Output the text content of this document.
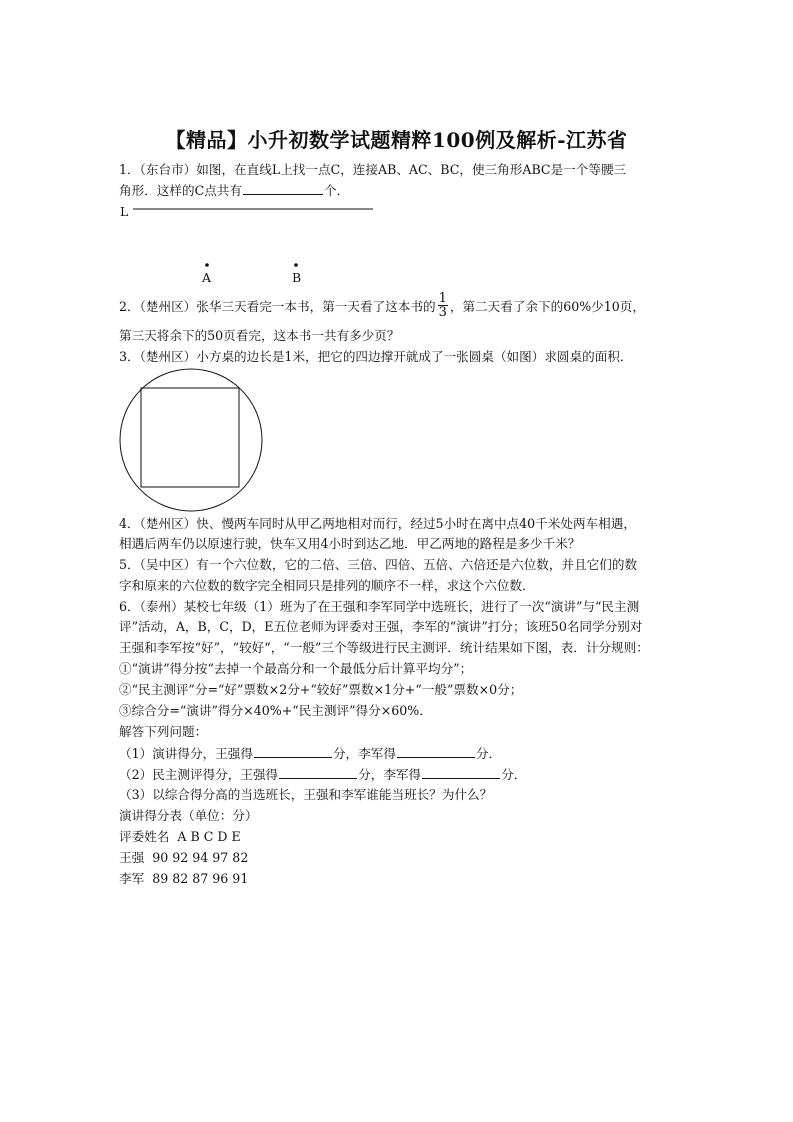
【精品】小升初数学试题精粹100例及解析-江苏省
1．（东台市）如图，在直线L上找一点C，连接AB、AC、BC，使三角形ABC是一个等腰三
角形．这样的C点共有	个．
L
A	B
2．（楚州区）张华三天看完一本书，第一天看了这本书的 $\frac{1}{3}$ ，第二天看了余下的60%少10页，
第三天将余下的50页看完，这本书一共有多少页？
3．（楚州区）小方桌的边长是1米，把它的四边撑开就成了一张圆桌（如图）求圆桌的面积．
4．（楚州区）快、慢两车同时从甲乙两地相对而行，经过5小时在离中点40千米处两车相遇，
相遇后两车仍以原速行驶，快车又用4小时到达乙地．甲乙两地的路程是多少千米？
5．（吴中区）有一个六位数，它的二倍、三倍、四倍、五倍、六倍还是六位数，并且它们的数
字和原来的六位数的数字完全相同只是排列的顺序不一样，求这个六位数．
6．（泰州）某校七年级（1）班为了在王强和李军同学中选班长，进行了一次“演讲”与“民主测
评”活动，A，B，C，D，E五位老师为评委对王强，李军的“演讲”打分；该班50名同学分别对
王强和李军按“好”，“较好“，“一般”三个等级进行民主测评．统计结果如下图，表．计分规则：
①“演讲”得分按“去掉一个最高分和一个最低分后计算平均分”；
②“民主测评”分=“好”票数×2分+“较好”票数×1分+“一般”票数×0分；
③综合分=“演讲”得分×40%+“民主测评”得分×60%．
解答下列问题：
（1）演讲得分，王强得	分，李军得	分．
（2）民主测评得分，王强得	分，李军得	分．
（3）以综合得分高的当选班长，王强和李军谁能当班长？为什么？
演讲得分表（单位：分）
评委姓名  A B C D E
王强  90 92 94 97 82
李军  89 82 87 96 91
